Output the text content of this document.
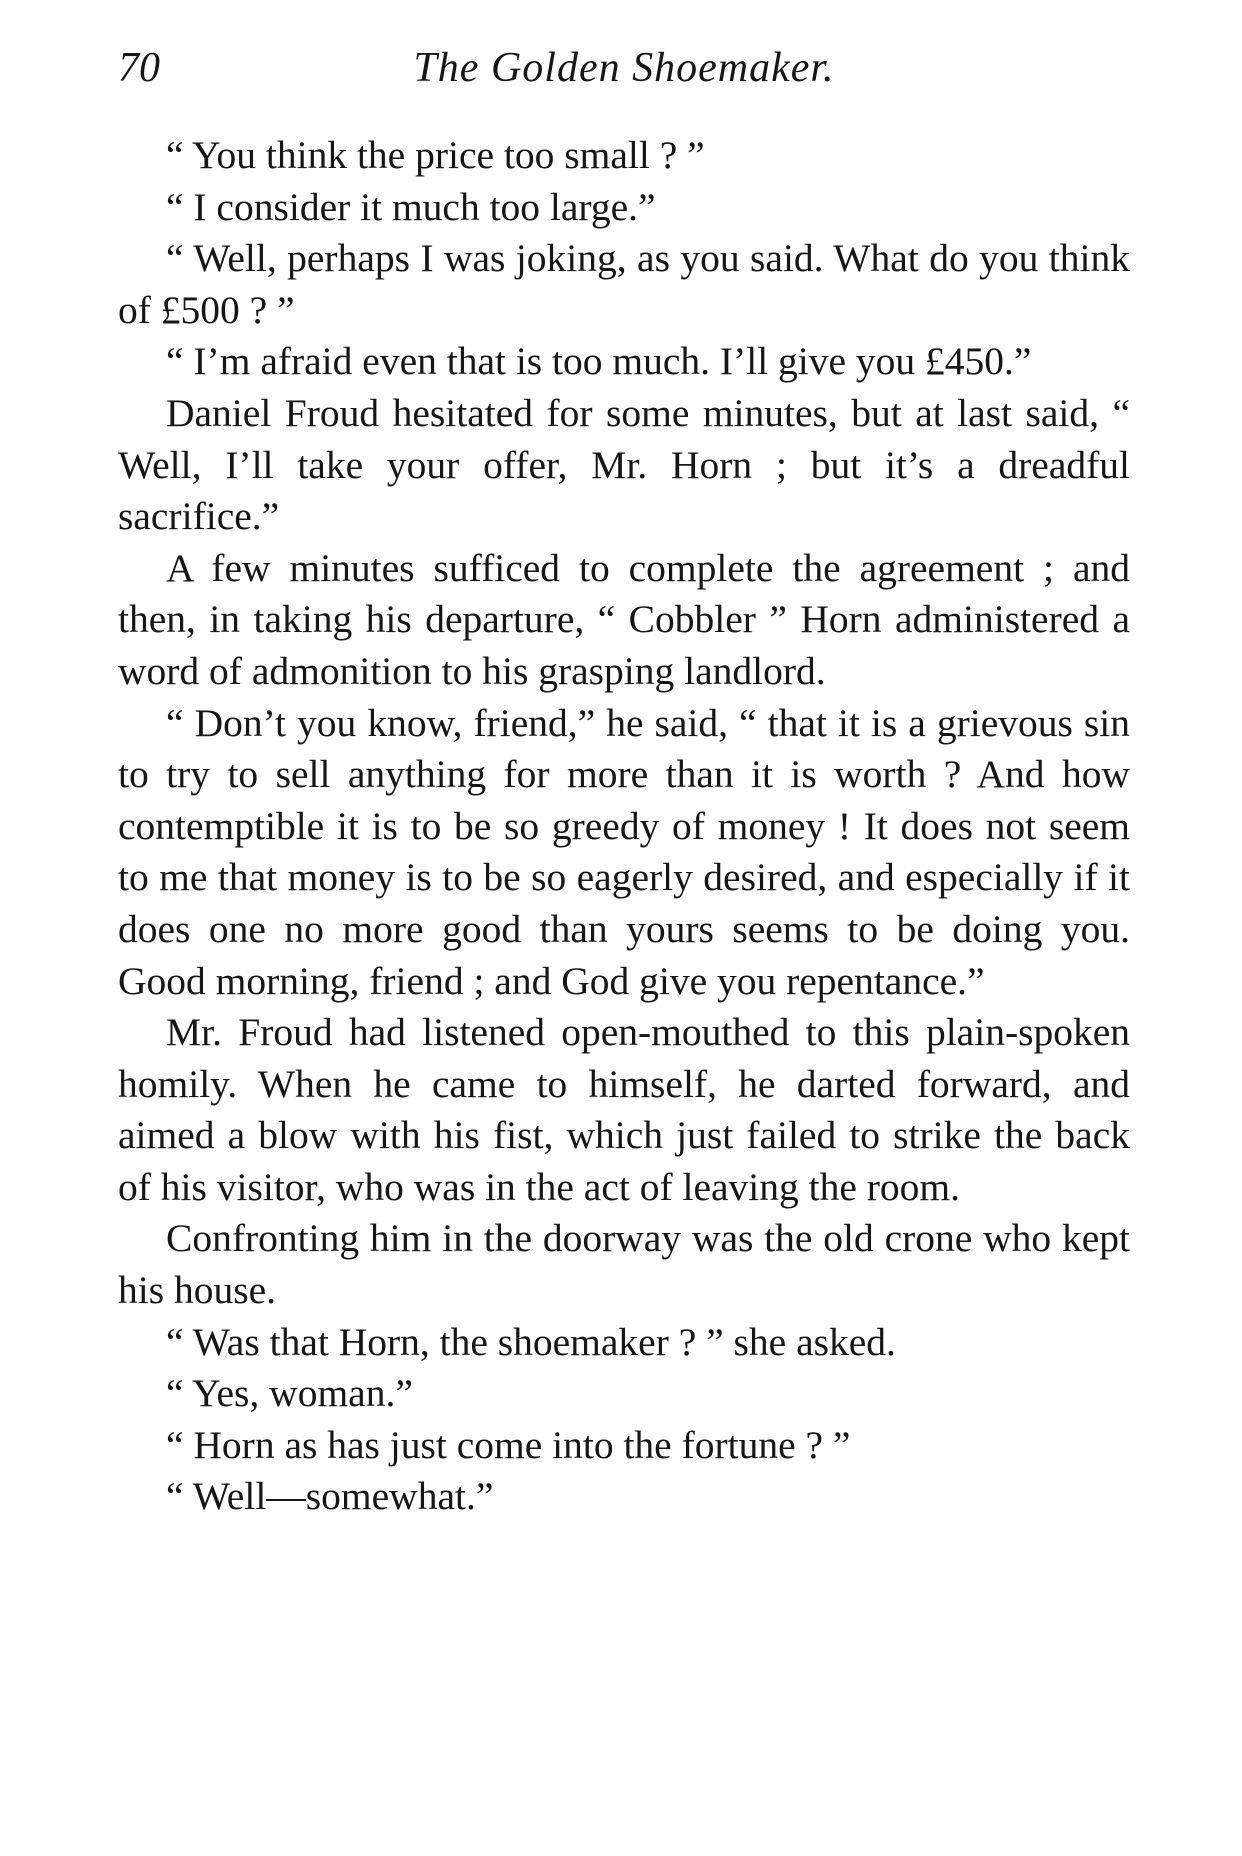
70	The Golden Shoemaker.

“ You think the price too small ? ”

“ I consider it much too large.”

“ Well, perhaps I was joking, as you said. What do you think of £500 ? ”

“ I’m afraid even that is too much. I’ll give you £450.”

Daniel Froud hesitated for some minutes, but at last said, “ Well, I’ll take your offer, Mr. Horn ; but it’s a dreadful sacrifice.”

A few minutes sufficed to complete the agreement ; and then, in taking his departure, “ Cobbler ” Horn administered a word of admonition to his grasping landlord.

“ Don’t you know, friend,” he said, “ that it is a grievous sin to try to sell anything for more than it is worth ? And how contemptible it is to be so greedy of money ! It does not seem to me that money is to be so eagerly desired, and especially if it does one no more good than yours seems to be doing you. Good morning, friend ; and God give you repentance.”

Mr. Froud had listened open-mouthed to this plain-spoken homily. When he came to himself, he darted forward, and aimed a blow with his fist, which just failed to strike the back of his visitor, who was in the act of leaving the room.

Confronting him in the doorway was the old crone who kept his house.

“ Was that Horn, the shoemaker ? ” she asked.

“ Yes, woman.”

“ Horn as has just come into the fortune ? ”

“ Well—somewhat.”
